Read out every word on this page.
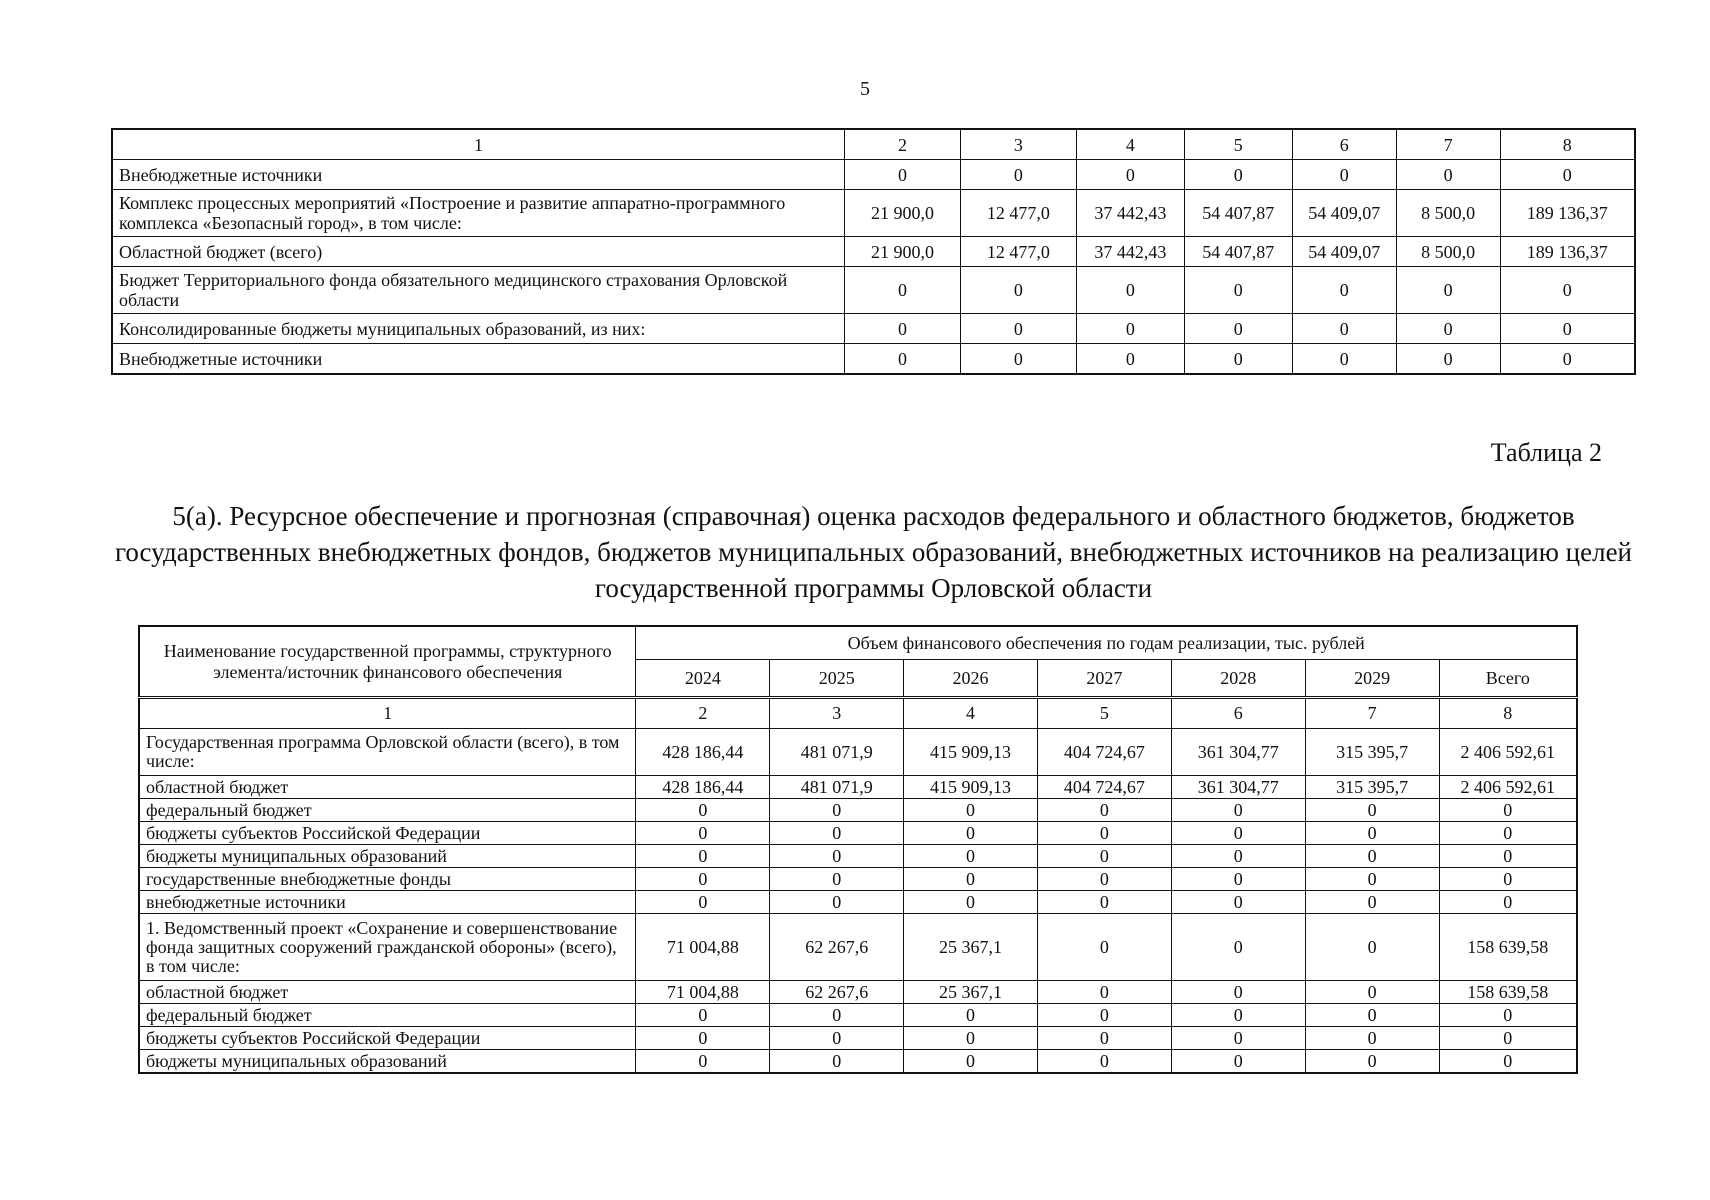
5
1	2	3	4	5	6	7	8
Внебюджетные источники	0	0	0	0	0	0	0
Комплекс процессных мероприятий «Построение и развитие аппаратно-программного комплекса «Безопасный город», в том числе:	21 900,0	12 477,0	37 442,43	54 407,87	54 409,07	8 500,0	189 136,37
Областной бюджет (всего)	21 900,0	12 477,0	37 442,43	54 407,87	54 409,07	8 500,0	189 136,37
Бюджет Территориального фонда обязательного медицинского страхования Орловской области	0	0	0	0	0	0	0
Консолидированные бюджеты муниципальных образований, из них:	0	0	0	0	0	0	0
Внебюджетные источники	0	0	0	0	0	0	0
Таблица 2
5(а). Ресурсное обеспечение и прогнозная (справочная) оценка расходов федерального и областного бюджетов, бюджетов государственных внебюджетных фондов, бюджетов муниципальных образований, внебюджетных источников на реализацию целей государственной программы Орловской области
Наименование государственной программы, структурного элемента/источник финансового обеспечения	Объем финансового обеспечения по годам реализации, тыс. рублей						
	2024	2025	2026	2027	2028	2029	Всего
1	2	3	4	5	6	7	8
Государственная программа Орловской области (всего), в том числе:	428 186,44	481 071,9	415 909,13	404 724,67	361 304,77	315 395,7	2 406 592,61
областной бюджет	428 186,44	481 071,9	415 909,13	404 724,67	361 304,77	315 395,7	2 406 592,61
федеральный бюджет	0	0	0	0	0	0	0
бюджеты субъектов Российской Федерации	0	0	0	0	0	0	0
бюджеты муниципальных образований	0	0	0	0	0	0	0
государственные внебюджетные фонды	0	0	0	0	0	0	0
внебюджетные источники	0	0	0	0	0	0	0
1. Ведомственный проект «Сохранение и совершенствование фонда защитных сооружений гражданской обороны» (всего), в том числе:	71 004,88	62 267,6	25 367,1	0	0	0	158 639,58
областной бюджет	71 004,88	62 267,6	25 367,1	0	0	0	158 639,58
федеральный бюджет	0	0	0	0	0	0	0
бюджеты субъектов Российской Федерации	0	0	0	0	0	0	0
бюджеты муниципальных образований	0	0	0	0	0	0	0
